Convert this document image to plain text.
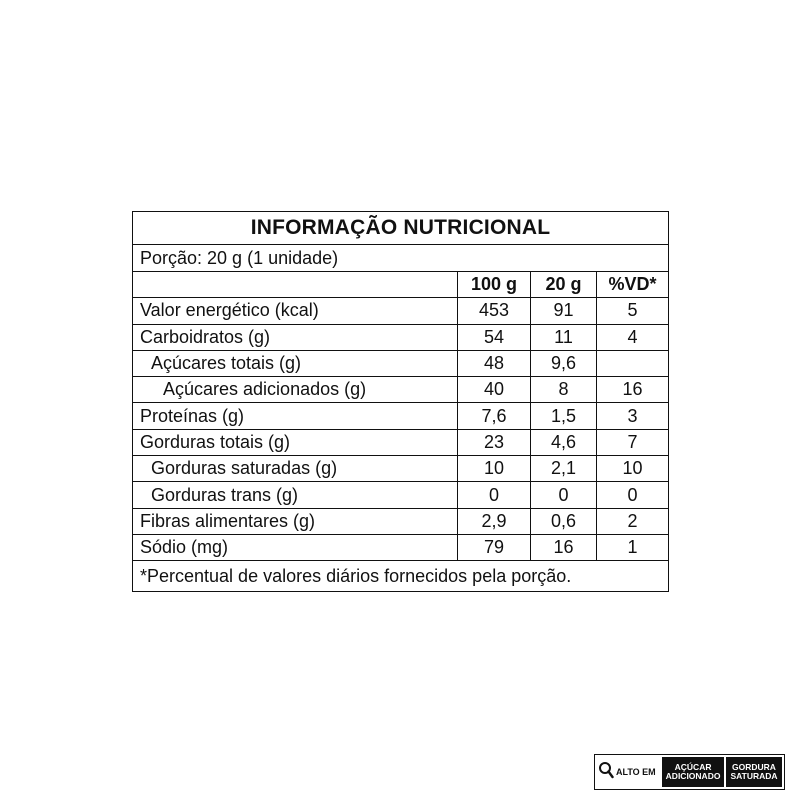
INFORMAÇÃO NUTRICIONAL
Porção: 20 g (1 unidade)
100 g	20 g	%VD*
Valor energético (kcal)	453	91	5
Carboidratos (g)	54	11	4
Açúcares totais (g)	48	9,6
Açúcares adicionados (g)	40	8	16
Proteínas (g)	7,6	1,5	3
Gorduras totais (g)	23	4,6	7
Gorduras saturadas (g)	10	2,1	10
Gorduras trans (g)	0	0	0
Fibras alimentares (g)	2,9	0,6	2
Sódio (mg)	79	16	1
*Percentual de valores diários fornecidos pela porção.
ALTO EM AÇÚCAR
ADICIONADO
GORDURA
SATURADA
